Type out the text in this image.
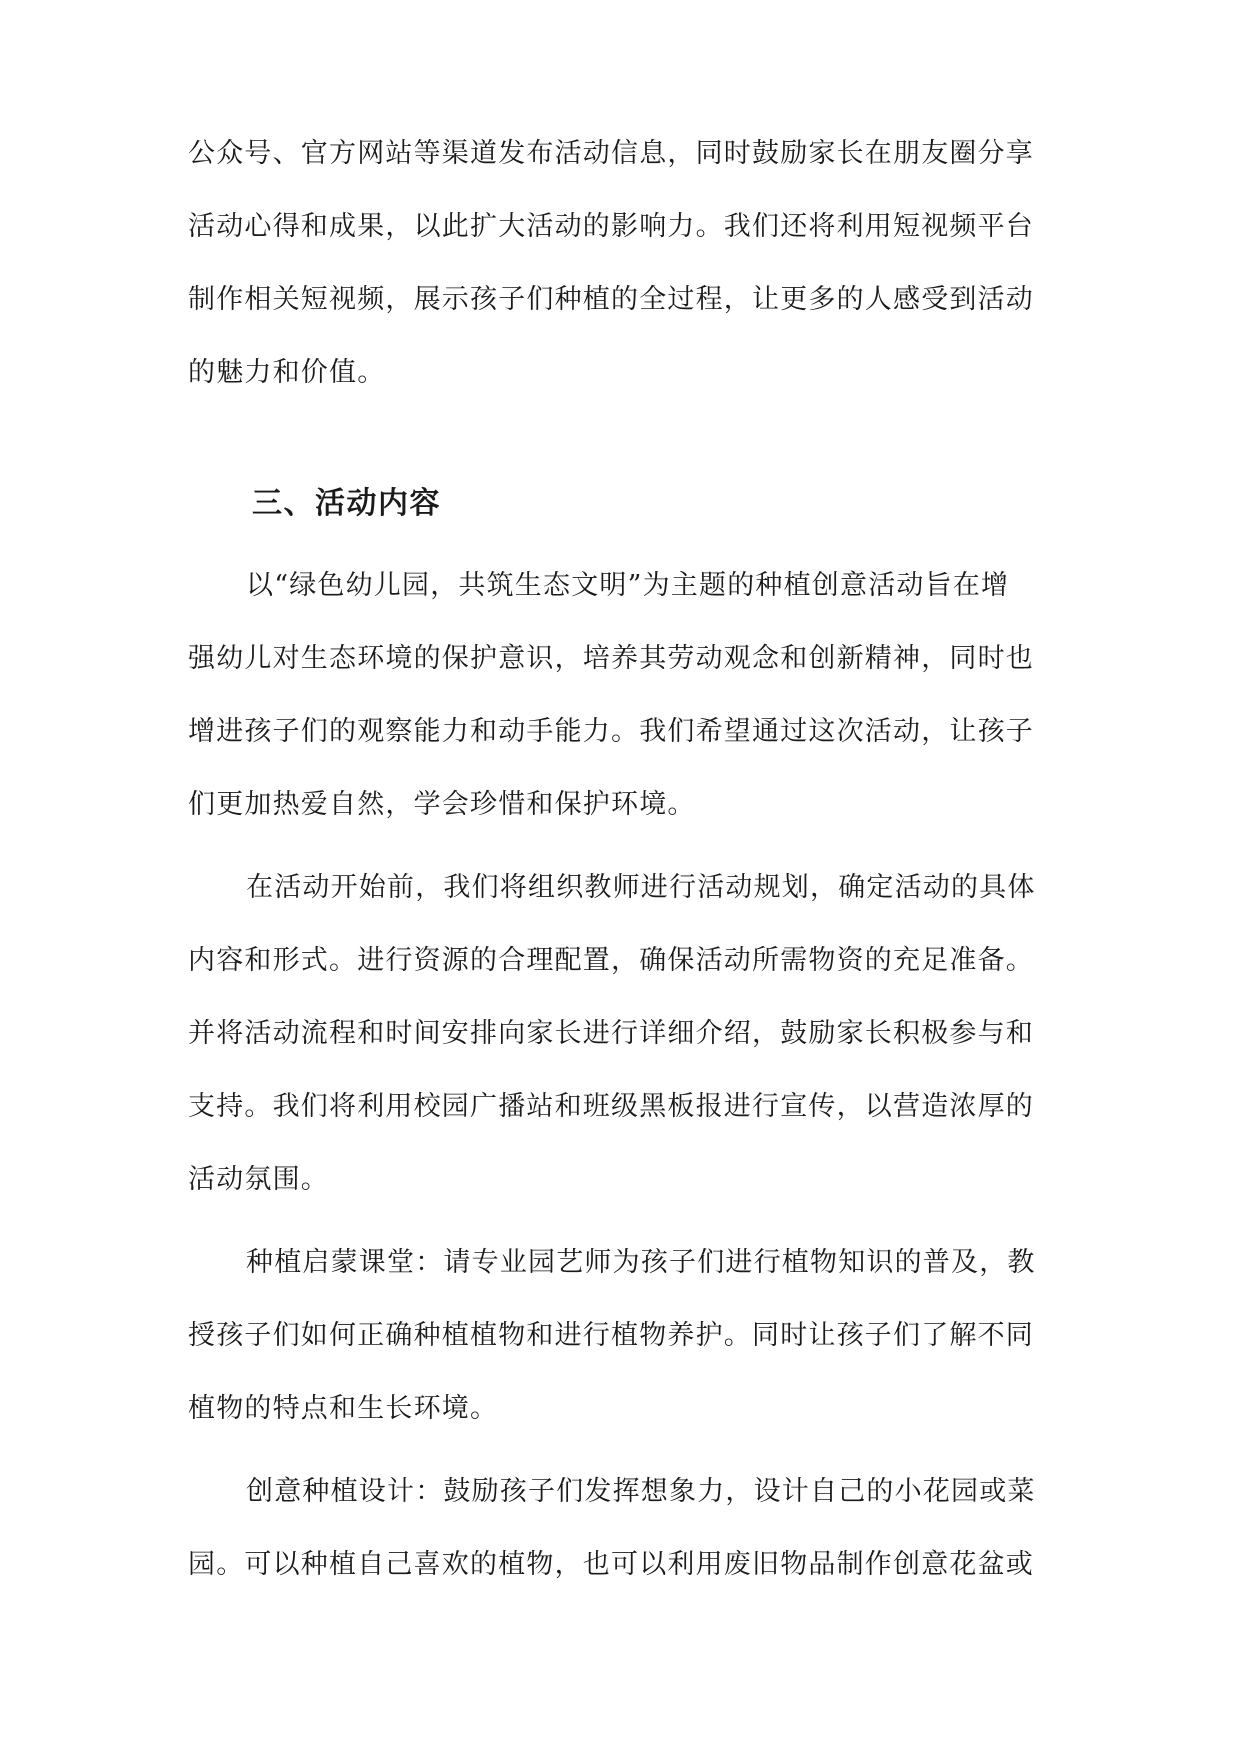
公众号、官方网站等渠道发布活动信息，同时鼓励家长在朋友圈分享
活动心得和成果，以此扩大活动的影响力。我们还将利用短视频平台
制作相关短视频，展示孩子们种植的全过程，让更多的人感受到活动
的魅力和价值。
三、活动内容
以“绿色幼儿园，共筑生态文明”为主题的种植创意活动旨在增
强幼儿对生态环境的保护意识，培养其劳动观念和创新精神，同时也
增进孩子们的观察能力和动手能力。我们希望通过这次活动，让孩子
们更加热爱自然，学会珍惜和保护环境。
在活动开始前，我们将组织教师进行活动规划，确定活动的具体
内容和形式。进行资源的合理配置，确保活动所需物资的充足准备。
并将活动流程和时间安排向家长进行详细介绍，鼓励家长积极参与和
支持。我们将利用校园广播站和班级黑板报进行宣传，以营造浓厚的
活动氛围。
种植启蒙课堂：请专业园艺师为孩子们进行植物知识的普及，教
授孩子们如何正确种植植物和进行植物养护。同时让孩子们了解不同
植物的特点和生长环境。
创意种植设计：鼓励孩子们发挥想象力，设计自己的小花园或菜
园。可以种植自己喜欢的植物，也可以利用废旧物品制作创意花盆或
